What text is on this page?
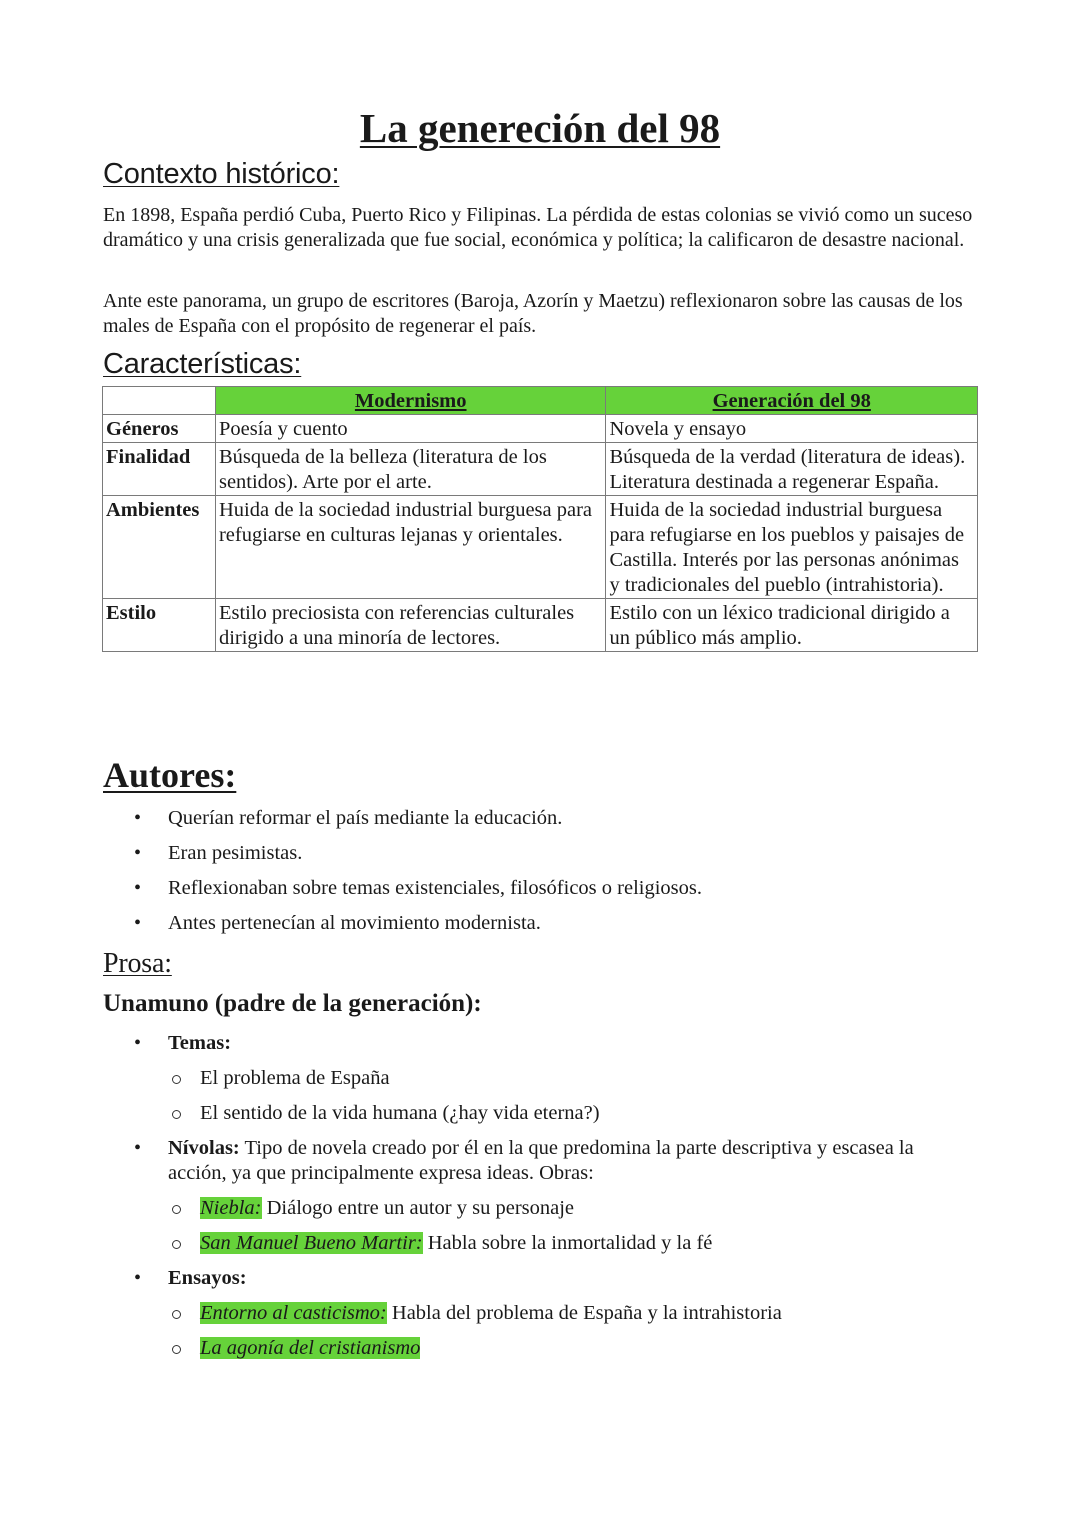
La genereción del 98
Contexto histórico:
En 1898, España perdió Cuba, Puerto Rico y Filipinas. La pérdida de estas colonias se vivió como un suceso dramático y una crisis generalizada que fue social, económica y política; la calificaron de desastre nacional.
Ante este panorama, un grupo de escritores (Baroja, Azorín y Maetzu) reflexionaron sobre las causas de los males de España con el propósito de regenerar el país.
Características:
	Modernismo	Generación del 98
Géneros	Poesía y cuento	Novela y ensayo
Finalidad	Búsqueda de la belleza (literatura de los sentidos). Arte por el arte.	Búsqueda de la verdad (literatura de ideas). Literatura destinada a regenerar España.
Ambientes	Huida de la sociedad industrial burguesa para refugiarse en culturas lejanas y orientales.	Huida de la sociedad industrial burguesa para refugiarse en los pueblos y paisajes de Castilla. Interés por las personas anónimas y tradicionales del pueblo (intrahistoria).
Estilo	Estilo preciosista con referencias culturales dirigido a una minoría de lectores.	Estilo con un léxico tradicional dirigido a un público más amplio.
Autores:
• Querían reformar el país mediante la educación.
• Eran pesimistas.
• Reflexionaban sobre temas existenciales, filosóficos o religiosos.
• Antes pertenecían al movimiento modernista.
Prosa:
Unamuno (padre de la generación):
• Temas:
El problema de España
El sentido de la vida humana (¿hay vida eterna?)
• Nívolas: Tipo de novela creado por él en la que predomina la parte descriptiva y escasea la acción, ya que principalmente expresa ideas. Obras:
Niebla: Diálogo entre un autor y su personaje
San Manuel Bueno Martir: Habla sobre la inmortalidad y la fé
• Ensayos:
Entorno al casticismo: Habla del problema de España y la intrahistoria
La agonía del cristianismo
